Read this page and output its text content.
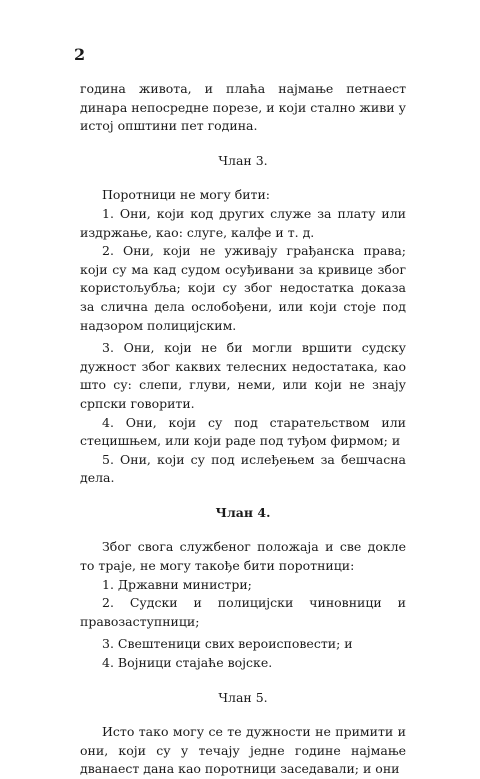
2

година живота, и плаћа најмање петнаест динара непосредне порезе, и који стално живи у истој општини пет година.

Члан 3.

Поротници не могу бити:

1. Они, који код других служе за плату или издржање, као: слуге, калфе и т. д.

2. Они, који не уживају грађанска права; који су ма кад судом осуђивани за кривице због користољубља; који су због недостатка доказа за слична дела ослобођени, или који стоје под надзором полицијским.

3. Они, који не би могли вршити судску дужност због каквих телесних недостатака, као што су: слепи, глуви, неми, или који не знају српски говорити.

4. Они, који су под старатељством или стецишњем, или који раде под туђом фирмом; и

5. Они, који су под ислеђењем за бешчасна дела.

Члан 4.

Због свога службеног положаја и све докле то траје, не могу такође бити поротници:

1. Државни министри;

2. Судски и полицијски чиновници и правозаступници;

3. Свештеници свих вероисповести; и

4. Војници стајаће војске.

Члан 5.

Исто тако могу се те дужности не примити и они, који су у течају једне године најмање дванаест дана као поротници заседавали; и они
